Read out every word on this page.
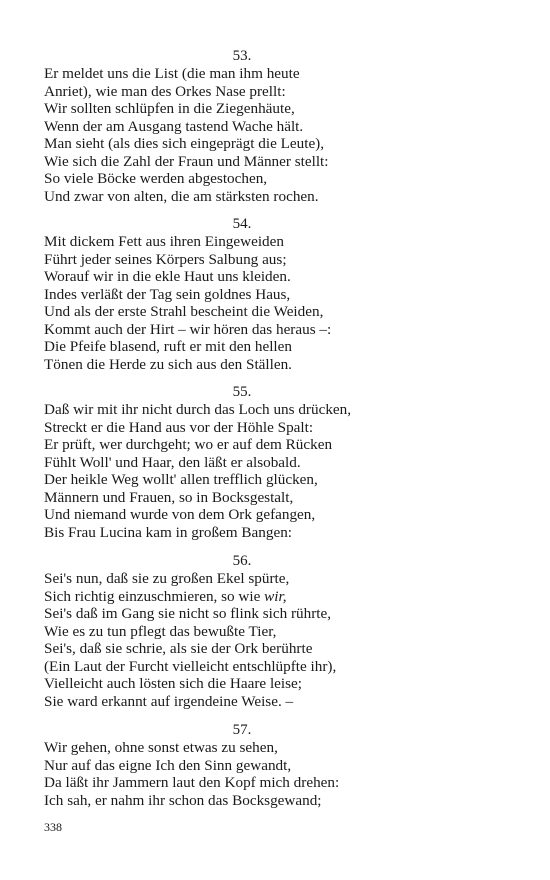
53.
Er meldet uns die List (die man ihm heute
Anriet), wie man des Orkes Nase prellt:
Wir sollten schlüpfen in die Ziegenhäute,
Wenn der am Ausgang tastend Wache hält.
Man sieht (als dies sich eingeprägt die Leute),
Wie sich die Zahl der Fraun und Männer stellt:
So viele Böcke werden abgestochen,
Und zwar von alten, die am stärksten rochen.
54.
Mit dickem Fett aus ihren Eingeweiden
Führt jeder seines Körpers Salbung aus;
Worauf wir in die ekle Haut uns kleiden.
Indes verläßt der Tag sein goldnes Haus,
Und als der erste Strahl bescheint die Weiden,
Kommt auch der Hirt – wir hören das heraus –:
Die Pfeife blasend, ruft er mit den hellen
Tönen die Herde zu sich aus den Ställen.
55.
Daß wir mit ihr nicht durch das Loch uns drücken,
Streckt er die Hand aus vor der Höhle Spalt:
Er prüft, wer durchgeht; wo er auf dem Rücken
Fühlt Woll' und Haar, den läßt er alsobald.
Der heikle Weg wollt' allen trefflich glücken,
Männern und Frauen, so in Bocksgestalt,
Und niemand wurde von dem Ork gefangen,
Bis Frau Lucina kam in großem Bangen:
56.
Sei's nun, daß sie zu großen Ekel spürte,
Sich richtig einzuschmieren, so wie wir,
Sei's daß im Gang sie nicht so flink sich rührte,
Wie es zu tun pflegt das bewußte Tier,
Sei's, daß sie schrie, als sie der Ork berührte
(Ein Laut der Furcht vielleicht entschlüpfte ihr),
Vielleicht auch lösten sich die Haare leise;
Sie ward erkannt auf irgendeine Weise. –
57.
Wir gehen, ohne sonst etwas zu sehen,
Nur auf das eigne Ich den Sinn gewandt,
Da läßt ihr Jammern laut den Kopf mich drehen:
Ich sah, er nahm ihr schon das Bocksgewand;
338
